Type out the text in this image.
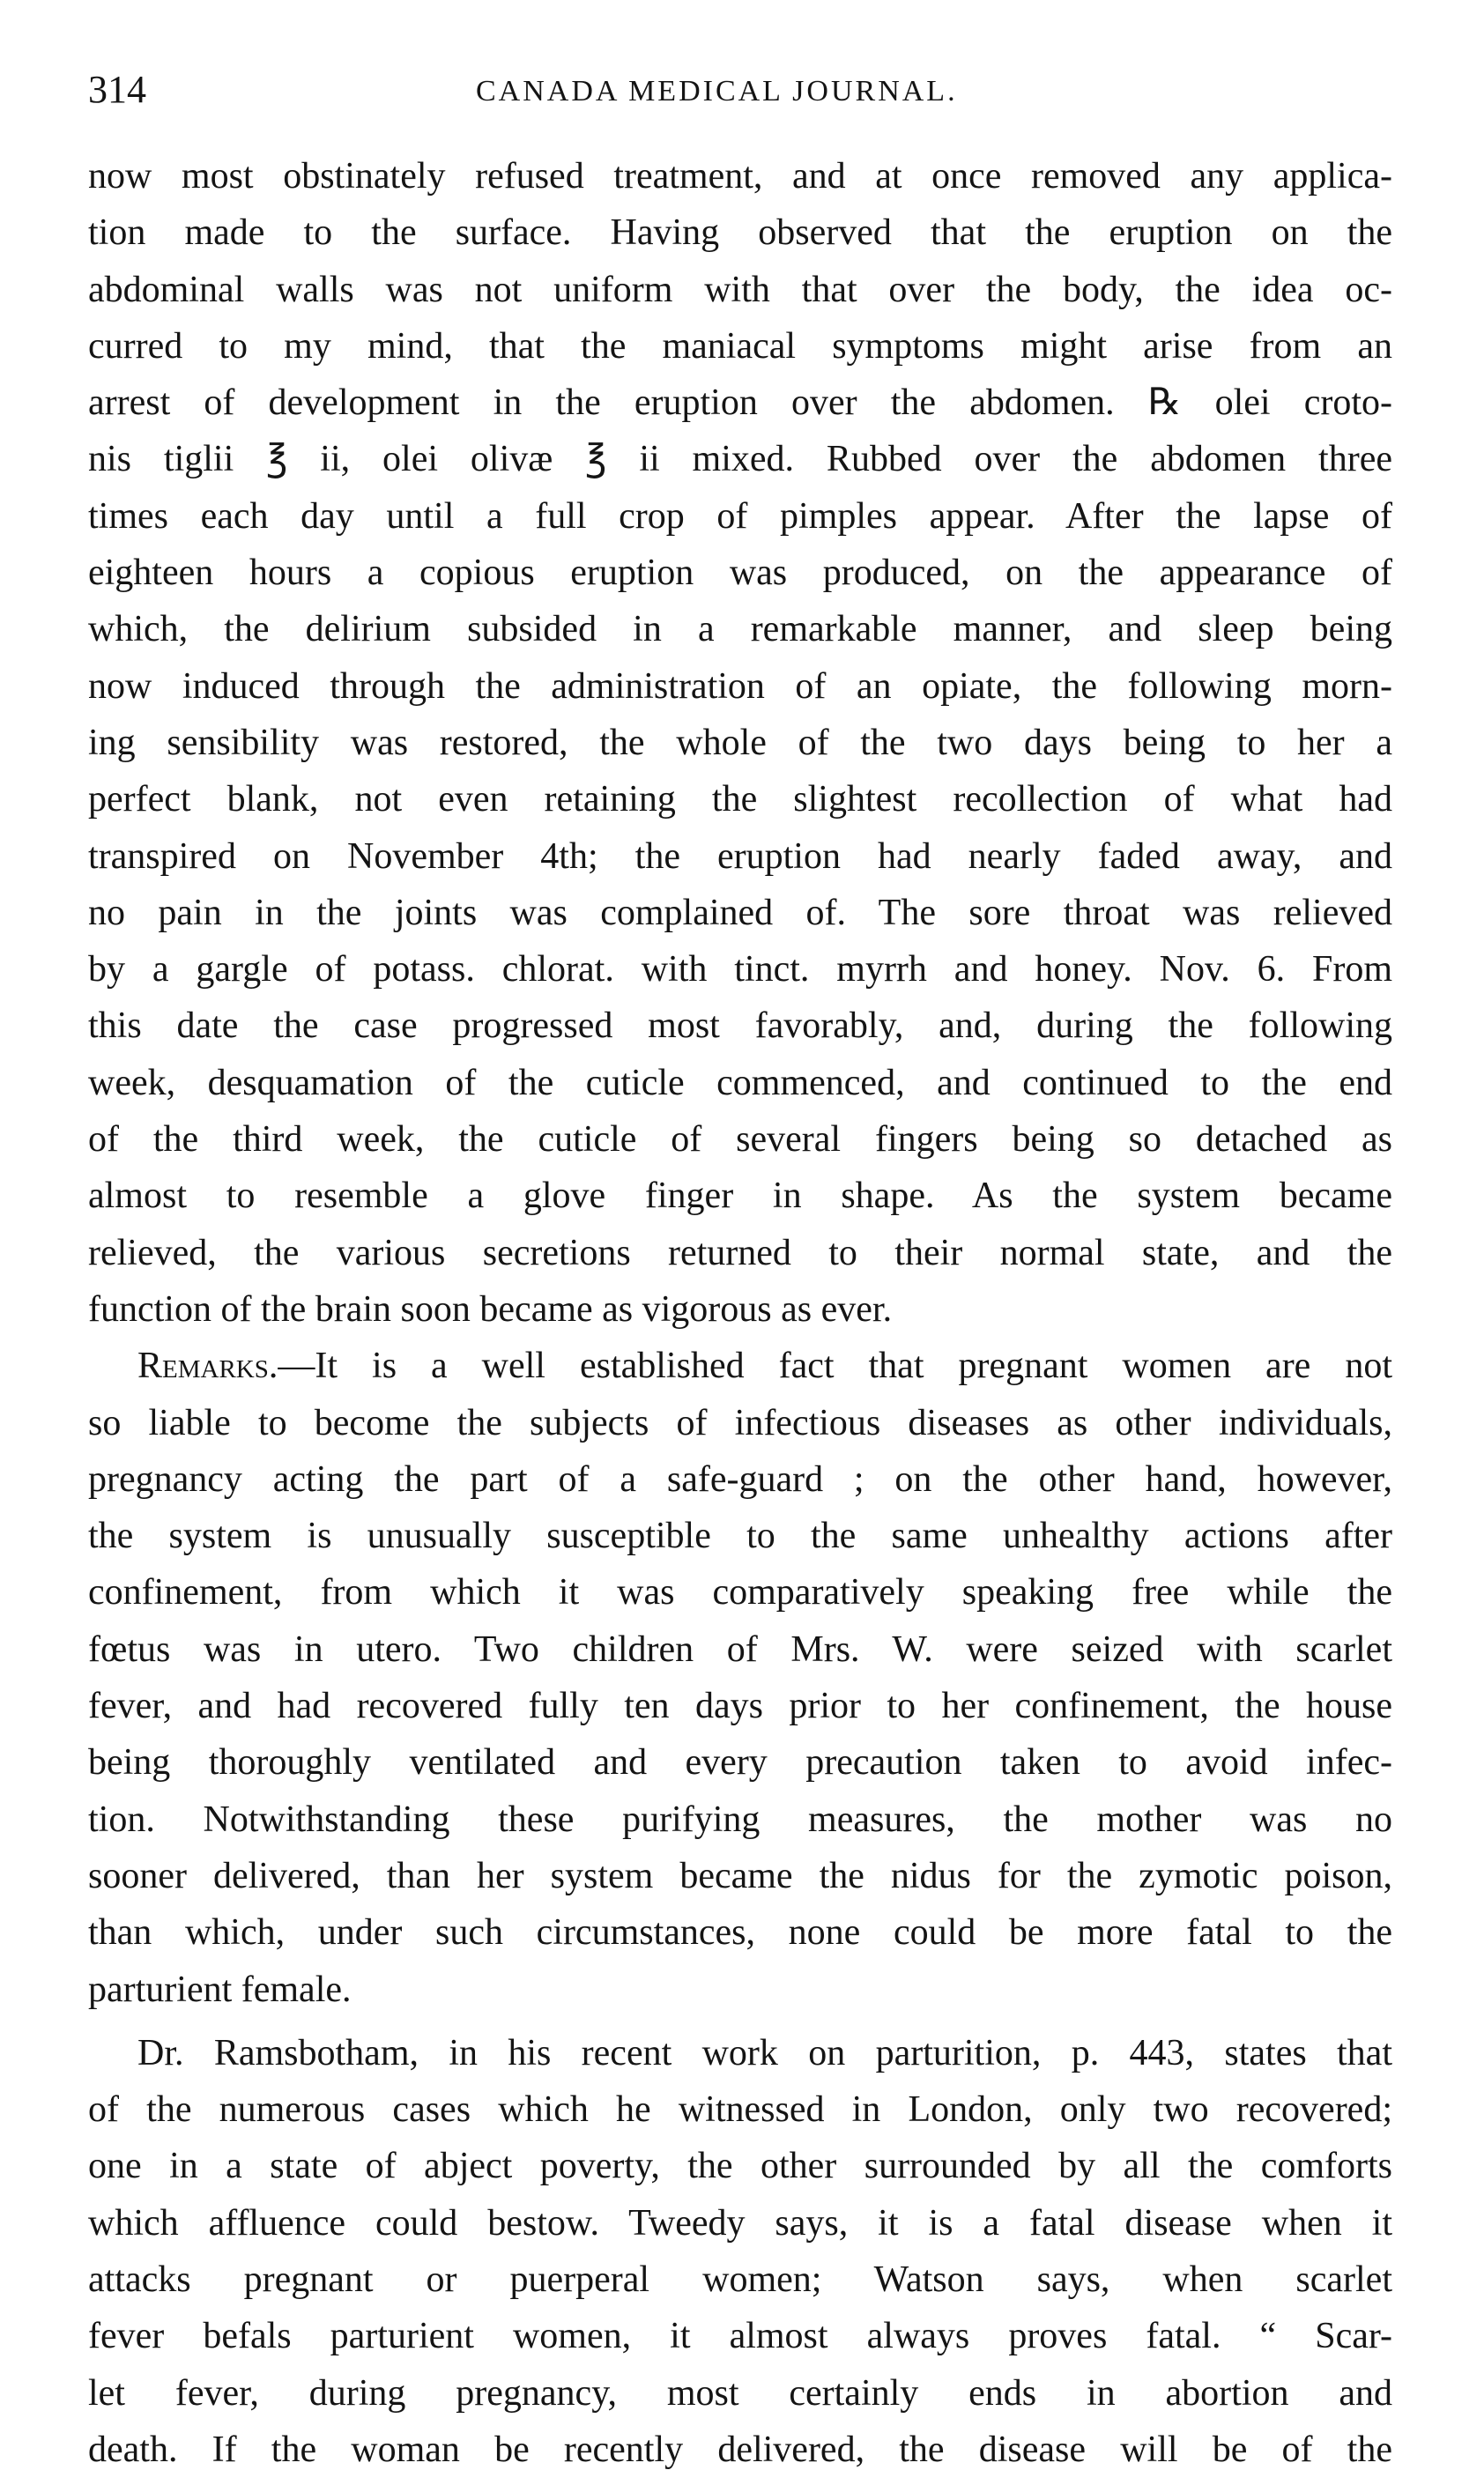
314	CANADA MEDICAL JOURNAL.
now most obstinately refused treatment, and at once removed any applica-
tion made to the surface. Having observed that the eruption on the
abdominal walls was not uniform with that over the body, the idea oc-
curred to my mind, that the maniacal symptoms might arise from an
arrest of development in the eruption over the abdomen. ℞ olei croto-
nis tiglii ℥ ii, olei olivæ ℥ ii mixed. Rubbed over the abdomen three
times each day until a full crop of pimples appear. After the lapse of
eighteen hours a copious eruption was produced, on the appearance of
which, the delirium subsided in a remarkable manner, and sleep being
now induced through the administration of an opiate, the following morn-
ing sensibility was restored, the whole of the two days being to her a
perfect blank, not even retaining the slightest recollection of what had
transpired on November 4th; the eruption had nearly faded away, and
no pain in the joints was complained of. The sore throat was relieved
by a gargle of potass. chlorat. with tinct. myrrh and honey. Nov. 6. From
this date the case progressed most favorably, and, during the following
week, desquamation of the cuticle commenced, and continued to the end
of the third week, the cuticle of several fingers being so detached as
almost to resemble a glove finger in shape. As the system became
relieved, the various secretions returned to their normal state, and the
function of the brain soon became as vigorous as ever.
Remarks.—It is a well established fact that pregnant women are not
so liable to become the subjects of infectious diseases as other individuals,
pregnancy acting the part of a safe-guard ; on the other hand, however,
the system is unusually susceptible to the same unhealthy actions after
confinement, from which it was comparatively speaking free while the
fœtus was in utero. Two children of Mrs. W. were seized with scarlet
fever, and had recovered fully ten days prior to her confinement, the house
being thoroughly ventilated and every precaution taken to avoid infec-
tion. Notwithstanding these purifying measures, the mother was no
sooner delivered, than her system became the nidus for the zymotic poison,
than which, under such circumstances, none could be more fatal to the
parturient female.
Dr. Ramsbotham, in his recent work on parturition, p. 443, states that
of the numerous cases which he witnessed in London, only two recovered;
one in a state of abject poverty, the other surrounded by all the comforts
which affluence could bestow. Tweedy says, it is a fatal disease when it
attacks pregnant or puerperal women; Watson says, when scarlet
fever befals parturient women, it almost always proves fatal. “ Scar-
let fever, during pregnancy, most certainly ends in abortion and
death. If the woman be recently delivered, the disease will be of the
